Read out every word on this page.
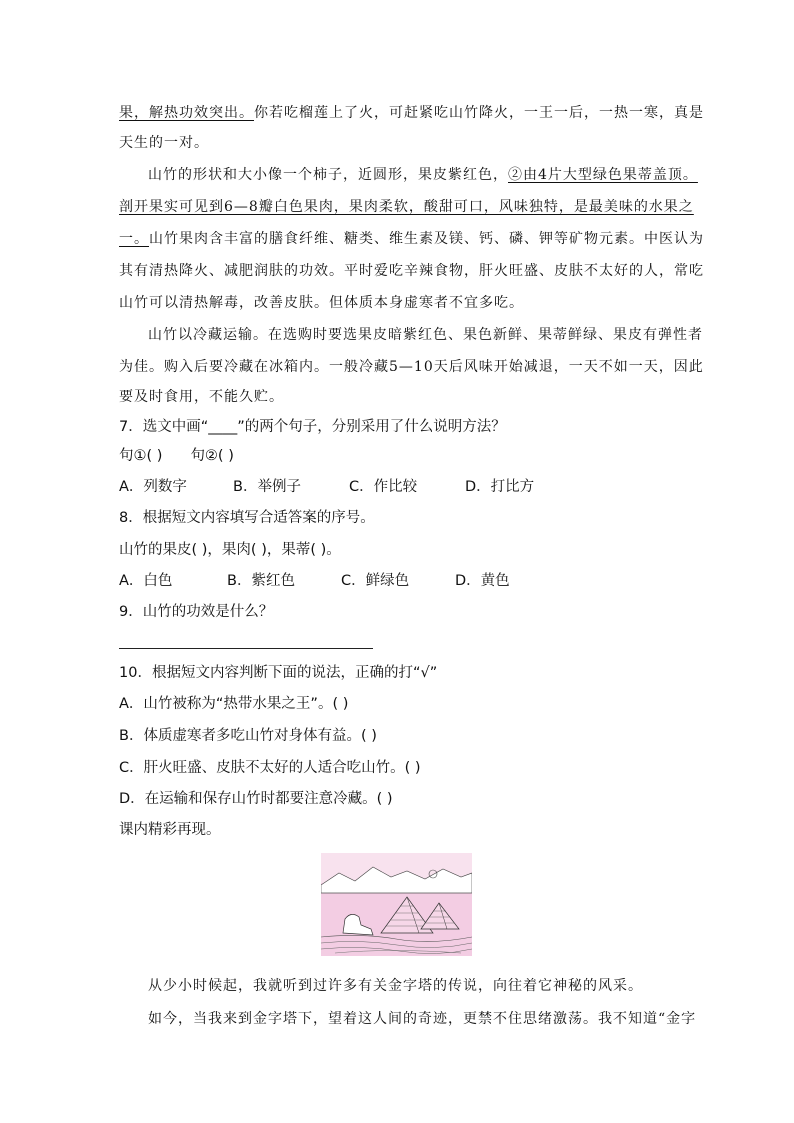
果，解热功效突出。你若吃榴莲上了火，可赶紧吃山竹降火，一王一后，一热一寒，真是
天生的一对。
山竹的形状和大小像一个柿子，近圆形，果皮紫红色，②由4片大型绿色果蒂盖顶。
剖开果实可见到6—8瓣白色果肉，果肉柔软，酸甜可口，风味独特，是最美味的水果之
一。山竹果肉含丰富的膳食纤维、糖类、维生素及镁、钙、磷、钾等矿物元素。中医认为
其有清热降火、减肥润肤的功效。平时爱吃辛辣食物，肝火旺盛、皮肤不太好的人，常吃
山竹可以清热解毒，改善皮肤。但体质本身虚寒者不宜多吃。
山竹以冷藏运输。在选购时要选果皮暗紫红色、果色新鲜、果蒂鲜绿、果皮有弹性者
为佳。购入后要冷藏在冰箱内。一般冷藏5—10天后风味开始减退，一天不如一天，因此
要及时食用，不能久贮。
7．选文中画“____”的两个句子，分别采用了什么说明方法？
句①( ) 句②( )
A．列数字	B．举例子	C．作比较	D．打比方
8．根据短文内容填写合适答案的序号。
山竹的果皮( )，果肉( )，果蒂( )。
A．白色	B．紫红色	C．鲜绿色	D．黄色
9．山竹的功效是什么？
10．根据短文内容判断下面的说法，正确的打“√”
A．山竹被称为“热带水果之王”。( )
B．体质虚寒者多吃山竹对身体有益。( )
C．肝火旺盛、皮肤不太好的人适合吃山竹。( )
D．在运输和保存山竹时都要注意冷藏。( )
课内精彩再现。
从少小时候起，我就听到过许多有关金字塔的传说，向往着它神秘的风采。
如今，当我来到金字塔下，望着这人间的奇迹，更禁不住思绪激荡。我不知道“金字
